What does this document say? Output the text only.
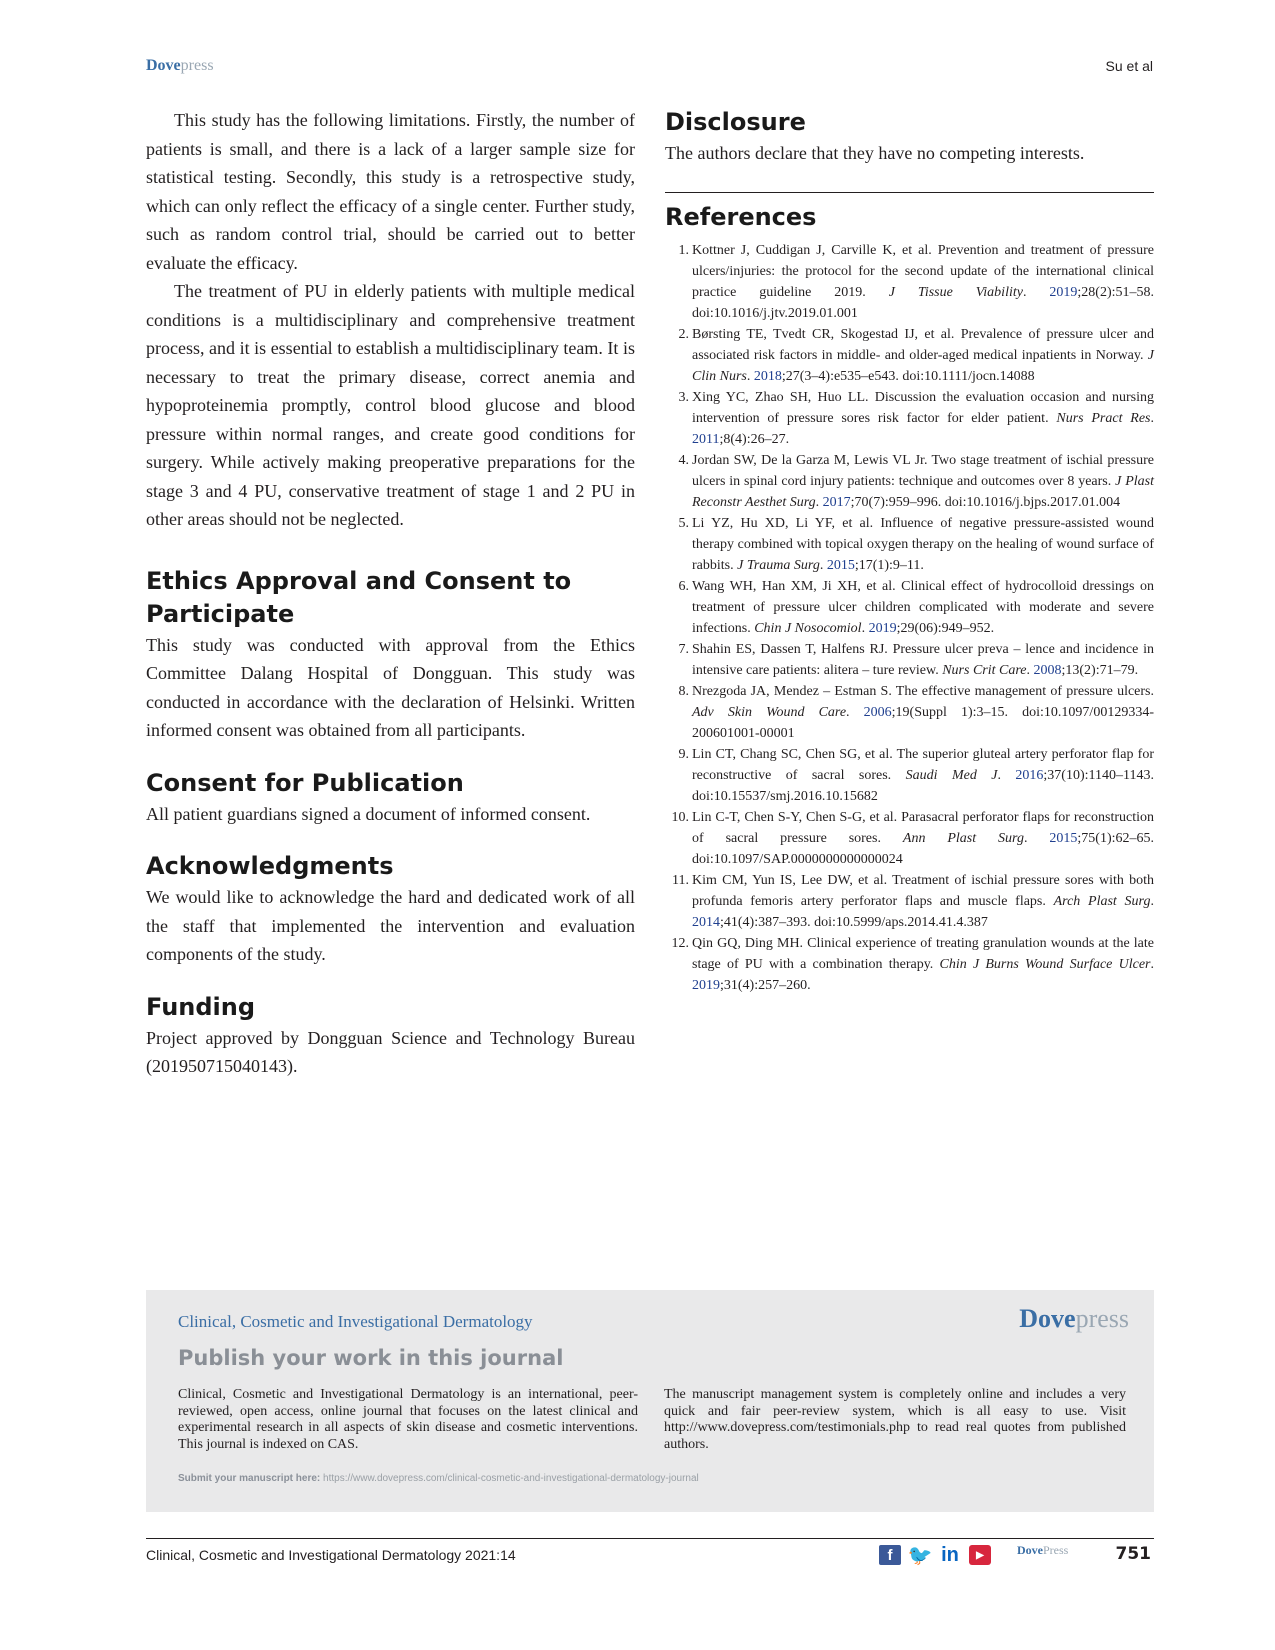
Dovepress	Su et al

This study has the following limitations. Firstly, the number of patients is small, and there is a lack of a larger sample size for statistical testing. Secondly, this study is a retrospective study, which can only reflect the efficacy of a single center. Further study, such as random control trial, should be carried out to better evaluate the efficacy.

The treatment of PU in elderly patients with multiple medical conditions is a multidisciplinary and comprehensive treatment process, and it is essential to establish a multidisciplinary team. It is necessary to treat the primary disease, correct anemia and hypoproteinemia promptly, control blood glucose and blood pressure within normal ranges, and create good conditions for surgery. While actively making preoperative preparations for the stage 3 and 4 PU, conservative treatment of stage 1 and 2 PU in other areas should not be neglected.

Ethics Approval and Consent to Participate

This study was conducted with approval from the Ethics Committee Dalang Hospital of Dongguan. This study was conducted in accordance with the declaration of Helsinki. Written informed consent was obtained from all participants.

Consent for Publication

All patient guardians signed a document of informed consent.

Acknowledgments

We would like to acknowledge the hard and dedicated work of all the staff that implemented the intervention and evaluation components of the study.

Funding

Project approved by Dongguan Science and Technology Bureau (201950715040143).

Disclosure

The authors declare that they have no competing interests.

References
1. Kottner J, Cuddigan J, Carville K, et al. Prevention and treatment of pressure ulcers/injuries: the protocol for the second update of the international clinical practice guideline 2019. J Tissue Viability. 2019;28(2):51–58. doi:10.1016/j.jtv.2019.01.001
2. Børsting TE, Tvedt CR, Skogestad IJ, et al. Prevalence of pressure ulcer and associated risk factors in middle- and older-aged medical inpatients in Norway. J Clin Nurs. 2018;27(3–4):e535–e543. doi:10.1111/jocn.14088
3. Xing YC, Zhao SH, Huo LL. Discussion the evaluation occasion and nursing intervention of pressure sores risk factor for elder patient. Nurs Pract Res. 2011;8(4):26–27.
4. Jordan SW, De la Garza M, Lewis VL Jr. Two stage treatment of ischial pressure ulcers in spinal cord injury patients: technique and outcomes over 8 years. J Plast Reconstr Aesthet Surg. 2017;70(7):959–996. doi:10.1016/j.bjps.2017.01.004
5. Li YZ, Hu XD, Li YF, et al. Influence of negative pressure-assisted wound therapy combined with topical oxygen therapy on the healing of wound surface of rabbits. J Trauma Surg. 2015;17(1):9–11.
6. Wang WH, Han XM, Ji XH, et al. Clinical effect of hydrocolloid dressings on treatment of pressure ulcer children complicated with moderate and severe infections. Chin J Nosocomiol. 2019;29(06):949–952.
7. Shahin ES, Dassen T, Halfens RJ. Pressure ulcer preva – lence and incidence in intensive care patients: alitera – ture review. Nurs Crit Care. 2008;13(2):71–79.
8. Nrezgoda JA, Mendez – Estman S. The effective management of pressure ulcers. Adv Skin Wound Care. 2006;19(Suppl 1):3–15. doi:10.1097/00129334-200601001-00001
9. Lin CT, Chang SC, Chen SG, et al. The superior gluteal artery perforator flap for reconstructive of sacral sores. Saudi Med J. 2016;37(10):1140–1143. doi:10.15537/smj.2016.10.15682
10. Lin C-T, Chen S-Y, Chen S-G, et al. Parasacral perforator flaps for reconstruction of sacral pressure sores. Ann Plast Surg. 2015;75(1):62–65. doi:10.1097/SAP.0000000000000024
11. Kim CM, Yun IS, Lee DW, et al. Treatment of ischial pressure sores with both profunda femoris artery perforator flaps and muscle flaps. Arch Plast Surg. 2014;41(4):387–393. doi:10.5999/aps.2014.41.4.387
12. Qin GQ, Ding MH. Clinical experience of treating granulation wounds at the late stage of PU with a combination therapy. Chin J Burns Wound Surface Ulcer. 2019;31(4):257–260.
Clinical, Cosmetic and Investigational Dermatology	Dovepress
Publish your work in this journal
Clinical, Cosmetic and Investigational Dermatology is an international, peer-reviewed, open access, online journal that focuses on the latest clinical and experimental research in all aspects of skin disease and cosmetic interventions. This journal is indexed on CAS.
The manuscript management system is completely online and includes a very quick and fair peer-review system, which is all easy to use. Visit http://www.dovepress.com/testimonials.php to read real quotes from published authors.
Submit your manuscript here: https://www.dovepress.com/clinical-cosmetic-and-investigational-dermatology-journal
Clinical, Cosmetic and Investigational Dermatology 2021:14	f 🐦 in	▶	DovePress	751
